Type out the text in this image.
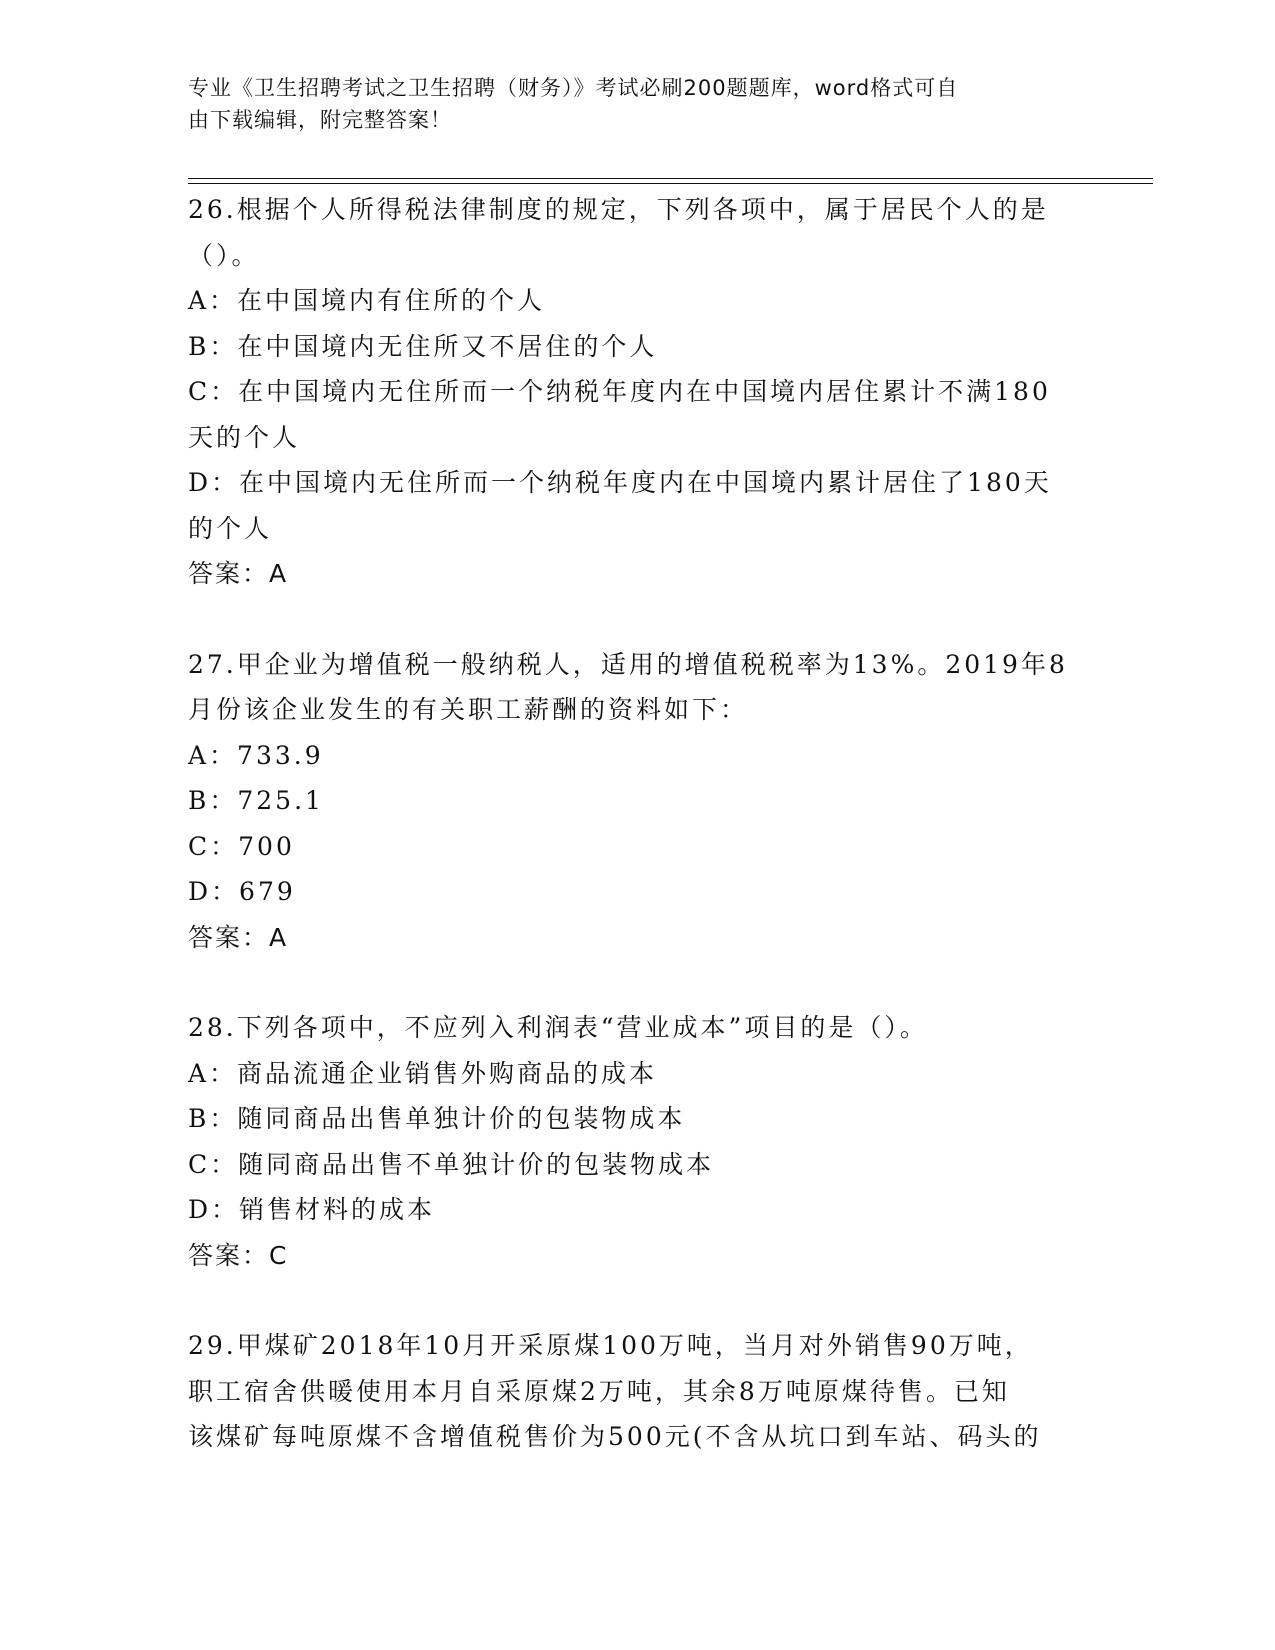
专业《卫生招聘考试之卫生招聘（财务）》考试必刷200题题库，word格式可自
由下载编辑，附完整答案！
26.根据个人所得税法律制度的规定，下列各项中，属于居民个人的是
（）。
A：在中国境内有住所的个人
B：在中国境内无住所又不居住的个人
C：在中国境内无住所而一个纳税年度内在中国境内居住累计不满180
天的个人
D：在中国境内无住所而一个纳税年度内在中国境内累计居住了180天
的个人
答案：A
27.甲企业为增值税一般纳税人，适用的增值税税率为13%。2019年8
月份该企业发生的有关职工薪酬的资料如下：
A：733.9
B：725.1
C：700
D：679
答案：A
28.下列各项中，不应列入利润表“营业成本”项目的是（）。
A：商品流通企业销售外购商品的成本
B：随同商品出售单独计价的包装物成本
C：随同商品出售不单独计价的包装物成本
D：销售材料的成本
答案：C
29.甲煤矿2018年10月开采原煤100万吨，当月对外销售90万吨，
职工宿舍供暖使用本月自采原煤2万吨，其余8万吨原煤待售。已知
该煤矿每吨原煤不含增值税售价为500元(不含从坑口到车站、码头的
